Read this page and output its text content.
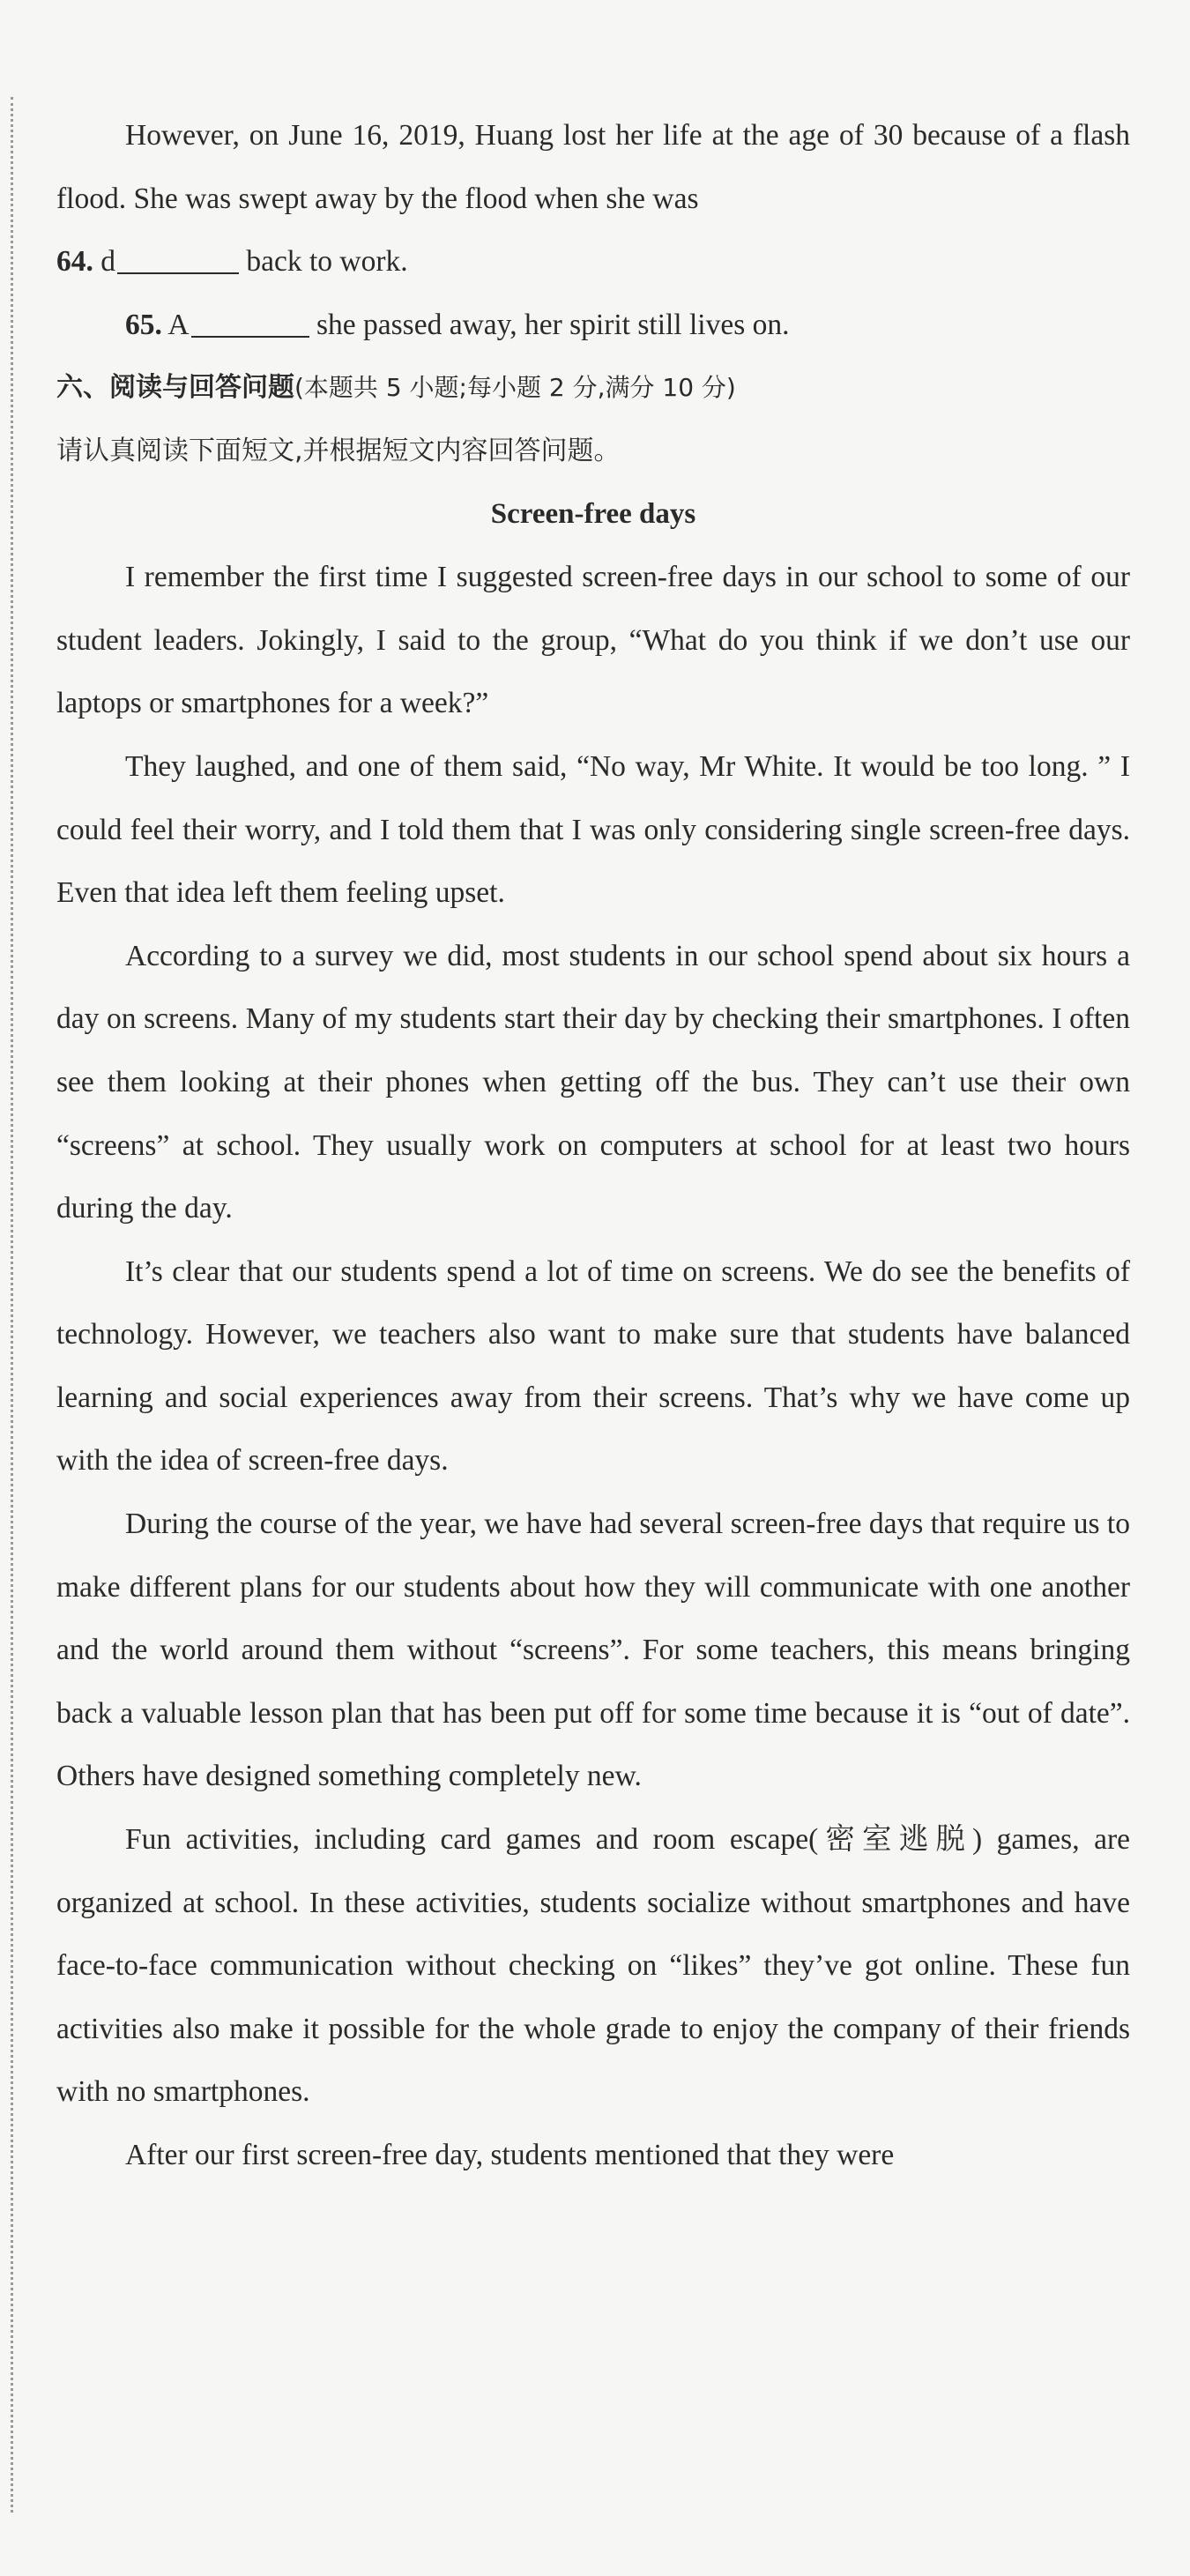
However, on June 16, 2019, Huang lost her life at the age of 30 because of a flash flood. She was swept away by the flood when she was

64. d	back to work.

65. A	she passed away, her spirit still lives on.

六、阅读与回答问题(本题共 5 小题;每小题 2 分,满分 10 分)

请认真阅读下面短文,并根据短文内容回答问题。

Screen-free days

I remember the first time I suggested screen-free days in our school to some of our student leaders. Jokingly, I said to the group, “What do you think if we don’t use our laptops or smartphones for a week?”

They laughed, and one of them said, “No way, Mr White. It would be too long. ” I could feel their worry, and I told them that I was only considering single screen-free days. Even that idea left them feeling upset.

According to a survey we did, most students in our school spend about six hours a day on screens. Many of my students start their day by checking their smartphones. I often see them looking at their phones when getting off the bus. They can’t use their own “screens” at school. They usually work on computers at school for at least two hours during the day.

It’s clear that our students spend a lot of time on screens. We do see the benefits of technology. However, we teachers also want to make sure that students have balanced learning and social experiences away from their screens. That’s why we have come up with the idea of screen-free days.

During the course of the year, we have had several screen-free days that require us to make different plans for our students about how they will communicate with one another and the world around them without “screens”. For some teachers, this means bringing back a valuable lesson plan that has been put off for some time because it is “out of date”. Others have designed something completely new.

Fun activities, including card games and room escape(密室逃脱) games, are organized at school. In these activities, students socialize without smartphones and have face-to-face communication without checking on “likes” they’ve got online. These fun activities also make it possible for the whole grade to enjoy the company of their friends with no smartphones.

After our first screen-free day, students mentioned that they were
